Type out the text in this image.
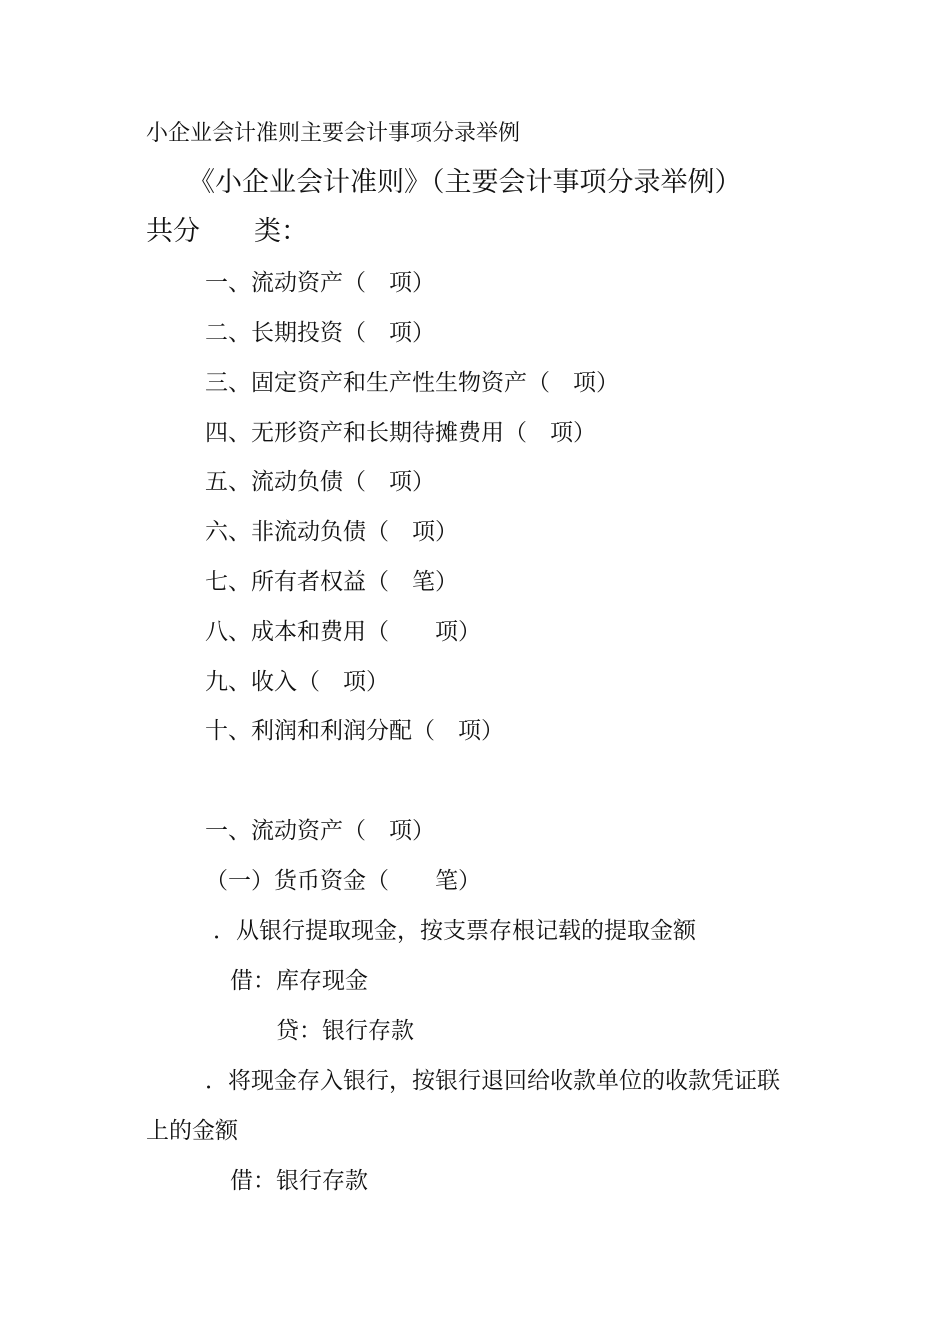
小企业会计准则主要会计事项分录举例
《小企业会计准则》（主要会计事项分录举例）
共分　　类：
一、流动资产（　项）
二、长期投资（　项）
三、固定资产和生产性生物资产（　项）
四、无形资产和长期待摊费用（　项）
五、流动负债（　项）
六、非流动负债（　项）
七、所有者权益（　笔）
八、成本和费用（　　项）
九、收入（　项）
十、利润和利润分配（　项）
一、流动资产（　项）
（一）货币资金（　　笔）
．从银行提取现金，按支票存根记载的提取金额
借：库存现金
贷：银行存款
．将现金存入银行，按银行退回给收款单位的收款凭证联
上的金额
借：银行存款
